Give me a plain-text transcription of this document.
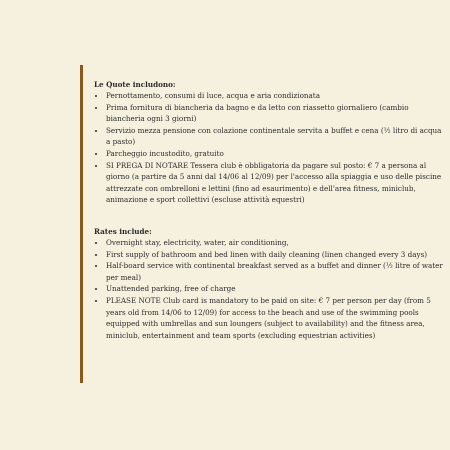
Le Quote includono:

• Pernottamento, consumi di luce, acqua e aria condizionata
• Prima fornitura di biancheria da bagno e da letto con riassetto giornaliero (cambio biancheria ogni 3 giorni)
• Servizio mezza pensione con colazione continentale servita a buffet e cena (½ litro di acqua a pasto)
• Parcheggio incustodito, gratuito
• SI PREGA DI NOTARE Tessera club è obbligatoria da pagare sul posto: € 7 a persona al giorno (a partire da 5 anni dal 14/06 al 12/09) per l'accesso alla spiaggia e uso delle piscine attrezzate con ombrelloni e lettini (fino ad esaurimento) e dell'area fitness, miniclub, animazione e sport collettivi (escluse attività equestri)

Rates include:

• Overnight stay, electricity, water, air conditioning,
• First supply of bathroom and bed linen with daily cleaning (linen changed every 3 days)
• Half-board service with continental breakfast served as a buffet and dinner (½ litre of water per meal)
• Unattended parking, free of charge
• PLEASE NOTE Club card is mandatory to be paid on site: € 7 per person per day (from 5 years old from 14/06 to 12/09) for access to the beach and use of the swimming pools equipped with umbrellas and sun loungers (subject to availability) and the fitness area, miniclub, entertainment and team sports (excluding equestrian activities)
